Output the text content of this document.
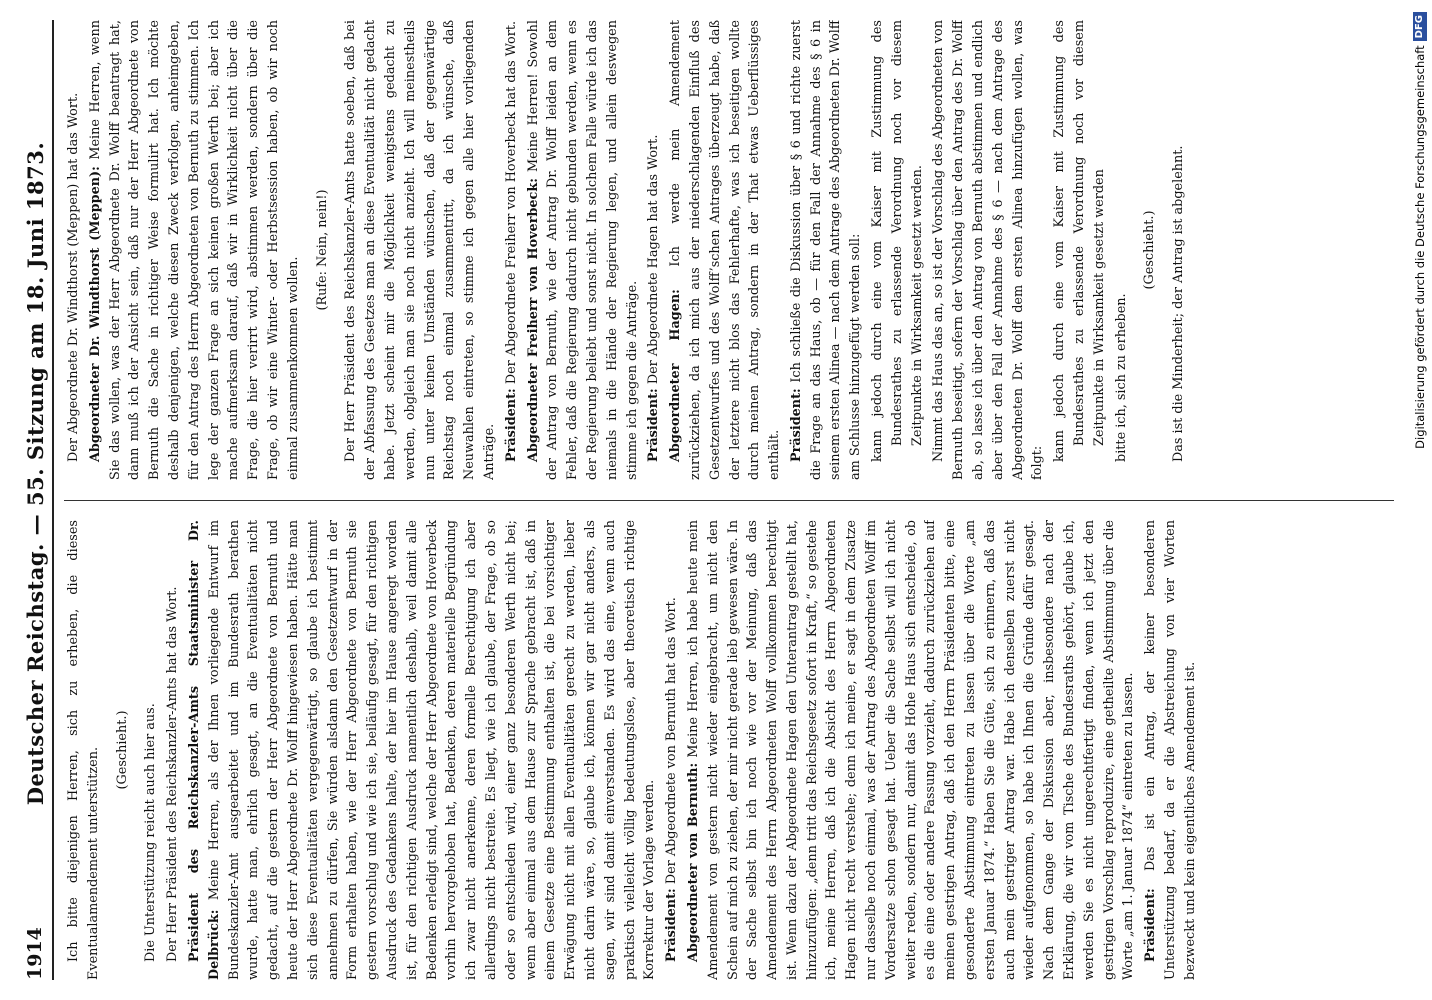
1914
Deutscher Reichstag. — 55. Sitzung am 18. Juni 1873. Ich bitte diejenigen Herren, sich zu erheben, die dieses Eventualamendement unterstützen. (Geschieht.) Die Unterstützung reicht auch hier aus. Der Herr Präsident des Reichskanzler-Amts hat das Wort. Präsident des Reichskanzler-Amts Staatsminister Dr. Delbrück: Meine Herren, als der Ihnen vorliegende Entwurf im Bundeskanzler-Amt ausgearbeitet und im Bundesrath berathen wurde, hatte man, ehrlich gesagt, an die Eventualitäten nicht gedacht, auf die gestern der Herr Abgeordnete von Bernuth und heute der Herr Abgeordnete Dr. Wolff hingewiesen haben. Hätte man sich diese Eventualitäten vergegenwärtigt, so glaube ich bestimmt annehmen zu dürfen, Sie würden alsdann den Gesetzentwurf in der Form erhalten haben, wie der Herr Abgeordnete von Bernuth sie gestern vorschlug und wie ich sie, beiläufig gesagt, für den richtigen Ausdruck des Gedankens halte, der hier im Hause angeregt worden ist, für den richtigen Ausdruck namentlich deshalb, weil damit alle Bedenken erledigt sind, welche der Herr Abgeordnete von Hoverbeck vorhin hervorgehoben hat, Bedenken, deren materielle Begründung ich zwar nicht anerkenne, deren formelle Berechtigung ich aber allerdings nicht bestreite. Es liegt, wie ich glaube, der Frage, ob so oder so entschieden wird, einer ganz besonderen Werth nicht bei; wenn aber einmal aus dem Hause zur Sprache gebracht ist, daß in einem Gesetze eine Bestimmung enthalten ist, die bei vorsichtiger Erwägung nicht mit allen Eventualitäten gerecht zu werden, lieber nicht darin wäre, so, glaube ich, können wir gar nicht anders, als sagen, wir sind damit einverstanden. Es wird das eine, wenn auch praktisch vielleicht völlig bedeutungslose, aber theoretisch richtige Korrektur der Vorlage werden. Präsident: Der Abgeordnete von Bernuth hat das Wort. Abgeordneter von Bernuth: Meine Herren, ich habe heute mein Amendement von gestern nicht wieder eingebracht, um nicht den Schein auf mich zu ziehen, der mir nicht gerade lieb gewesen wäre. In der Sache selbst bin ich noch wie vor der Meinung, daß das Amendement des Herrn Abgeordneten Wolff vollkommen berechtigt ist. Wenn dazu der Abgeordnete Hagen den Unterantrag gestellt hat, hinzuzufügen: „denn tritt das Reichsgesetz sofort in Kraft,“ so gestehe ich, meine Herren, daß ich die Absicht des Herrn Abgeordneten Hagen nicht recht verstehe; denn ich meine, er sagt in dem Zusatze nur dasselbe noch einmal, was der Antrag des Abgeordneten Wolff im Vordersatze schon gesagt hat. Ueber die Sache selbst will ich nicht weiter reden, sondern nur, damit das Hohe Haus sich entscheide, ob es die eine oder andere Fassung vorzieht, dadurch zurückziehen auf meinen gestrigen Antrag, daß ich den Herrn Präsidenten bitte, eine gesonderte Abstimmung eintreten zu lassen über die Worte „am ersten Januar 1874.“ Haben Sie die Güte, sich zu erinnern, daß das auch mein gestriger Antrag war. Habe ich denselben zuerst nicht wieder aufgenommen, so habe ich Ihnen die Gründe dafür gesagt. Nach dem Gange der Diskussion aber, insbesondere nach der Erklärung, die wir vom Tische des Bundesraths gehört, glaube ich, werden Sie es nicht ungerechtfertigt finden, wenn ich jetzt den gestrigen Vorschlag reproduzire, eine getheilte Abstimmung über die Worte „am 1. Januar 1874“ eintreten zu lassen. Präsident: Das ist ein Antrag, der keiner besonderen Unterstützung bedarf, da er die Abstreichung von vier Worten bezweckt und kein eigentliches Amendement ist.

Der Abgeordnete Dr. Windthorst (Meppen) hat das Wort. Abgeordneter Dr. Windthorst (Meppen): Meine Herren, wenn Sie das wollen, was der Herr Abgeordnete Dr. Wolff beantragt hat, dann muß ich der Ansicht sein, daß nur der Herr Abgeordnete von Bernuth die Sache in richtiger Weise formulirt hat. Ich möchte deshalb denjenigen, welche diesen Zweck verfolgen, anheimgeben, für den Antrag des Herrn Abgeordneten von Bernuth zu stimmen. Ich lege der ganzen Frage an sich keinen großen Werth bei; aber ich mache aufmerksam darauf, daß wir in Wirklichkeit nicht über die Frage, die hier verirrt wird, abstimmen werden, sondern über die Frage, ob wir eine Winter- oder Herbstsession haben, ob wir noch einmal zusammenkommen wollen.

(Rufe: Nein, nein!) Der Herr Präsident des Reichskanzler-Amts hatte soeben, daß bei der Abfassung des Gesetzes man an diese Eventualität nicht gedacht habe. Jetzt scheint mir die Möglichkeit wenigstens gedacht zu werden, obgleich man sie noch nicht anzieht. Ich will meinestheils nun unter keinen Umständen wünschen, daß der gegenwärtige Reichstag noch einmal zusammentritt, da ich wünsche, daß Neuwahlen eintreten, so stimme ich gegen alle hier vorliegenden Anträge. Präsident: Der Abgeordnete Freiherr von Hoverbeck hat das Wort. Abgeordneter Freiherr von Hoverbeck: Meine Herren! Sowohl der Antrag von Bernuth, wie der Antrag Dr. Wolff leiden an dem Fehler, daß die Regierung dadurch nicht gebunden werden, wenn es der Regierung beliebt und sonst nicht. In solchem Falle würde ich das niemals in die Hände der Regierung legen, und allein deswegen stimme ich gegen die Anträge. Präsident: Der Abgeordnete Hagen hat das Wort. Abgeordneter Hagen: Ich werde mein Amendement zurückziehen, da ich mich aus der niederschlagenden Einfluß des Gesetzentwurfes und des Wolff’schen Antrages überzeugt habe, daß der letztere nicht blos das Fehlerhafte, was ich beseitigen wollte durch meinen Antrag, sondern in der That etwas Ueberflüssiges enthält. Präsident: Ich schließe die Diskussion über § 6 und richte zuerst die Frage an das Haus, ob — für den Fall der Annahme des § 6 in seinem ersten Alinea — nach dem Antrage des Abgeordneten Dr. Wolff am Schlusse hinzugefügt werden soll: kann jedoch durch eine vom Kaiser mit Zustimmung des Bundesrathes zu erlassende Verordnung noch vor diesem Zeitpunkte in Wirksamkeit gesetzt werden. Nimmt das Haus das an, so ist der Vorschlag des Abgeordneten von Bernuth beseitigt, sofern der Vorschlag über den Antrag des Dr. Wolff ab, so lasse ich über den Antrag von Bernuth abstimmen und endlich aber über den Fall der Annahme des § 6 — nach dem Antrage des Abgeordneten Dr. Wolff dem ersten Alinea hinzufügen wollen, was folgt:

kann jedoch durch eine vom Kaiser mit Zustimmung des Bundesrathes zu erlassende Verordnung noch vor diesem Zeitpunkte in Wirksamkeit gesetzt werden bitte ich, sich zu erheben.

(Geschieht.) Das ist die Minderheit; der Antrag ist abgelehnt.	Digitalisierung gefördert durch die Deutsche Forschungsgemeinschaft
DFG
